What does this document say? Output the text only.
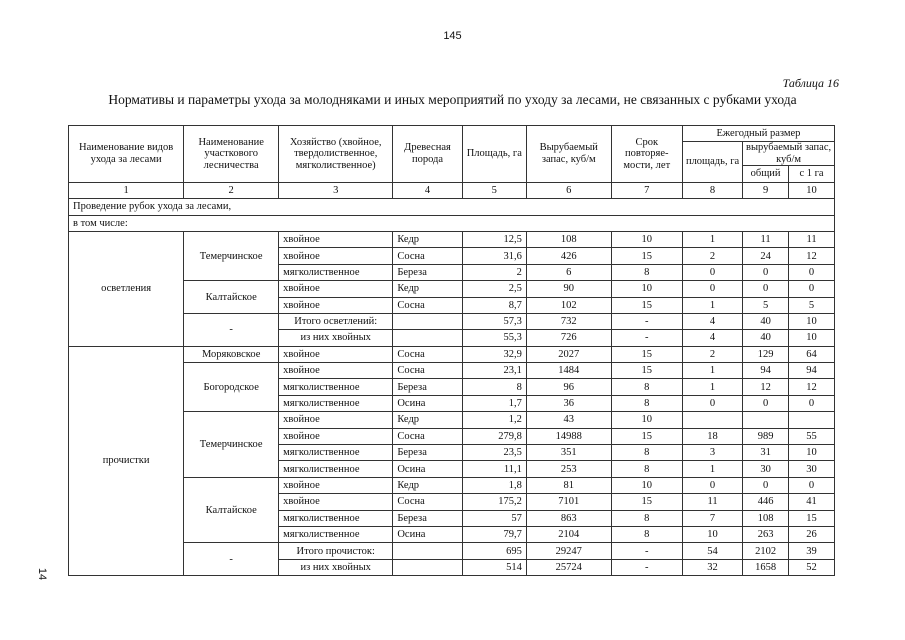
145
Таблица 16
Нормативы и параметры ухода за молодняками и иных мероприятий по уходу за лесами, не связанных с рубками ухода
14
Наименование видов ухода за лесами	Наименование участкового лесничества	Хозяйство (хвойное, твердолиственное, мягколиственное)	Древесная порода	Площадь, га	Вырубаемый запас, куб/м	Срок повторяе-мости, лет	Ежегодный размер		
							площадь, га	вырубаемый запас, куб/м	
								общий	с 1 га
1	2	3	4	5	6	7	8	9	10
Проведение рубок ухода за лесами,									
в том числе:									
осветления	Темерчинское	хвойное	Кедр	12,5	108	10	1	11	11
		хвойное	Сосна	31,6	426	15	2	24	12
		мягколиственное	Береза	2	6	8	0	0	0
	Калтайское	хвойное	Кедр	2,5	90	10	0	0	0
		хвойное	Сосна	8,7	102	15	1	5	5
	-	Итого осветлений:		57,3	732	-	4	40	10
		из них хвойных		55,3	726	-	4	40	10
прочистки	Моряковское	хвойное	Сосна	32,9	2027	15	2	129	64
	Богородское	хвойное	Сосна	23,1	1484	15	1	94	94
		мягколиственное	Береза	8	96	8	1	12	12
		мягколиственное	Осина	1,7	36	8	0	0	0
	Темерчинское	хвойное	Кедр	1,2	43	10			
		хвойное	Сосна	279,8	14988	15	18	989	55
		мягколиственное	Береза	23,5	351	8	3	31	10
		мягколиственное	Осина	11,1	253	8	1	30	30
	Калтайское	хвойное	Кедр	1,8	81	10	0	0	0
		хвойное	Сосна	175,2	7101	15	11	446	41
		мягколиственное	Береза	57	863	8	7	108	15
		мягколиственное	Осина	79,7	2104	8	10	263	26
	-	Итого прочисток:		695	29247	-	54	2102	39
		из них хвойных		514	25724	-	32	1658	52
